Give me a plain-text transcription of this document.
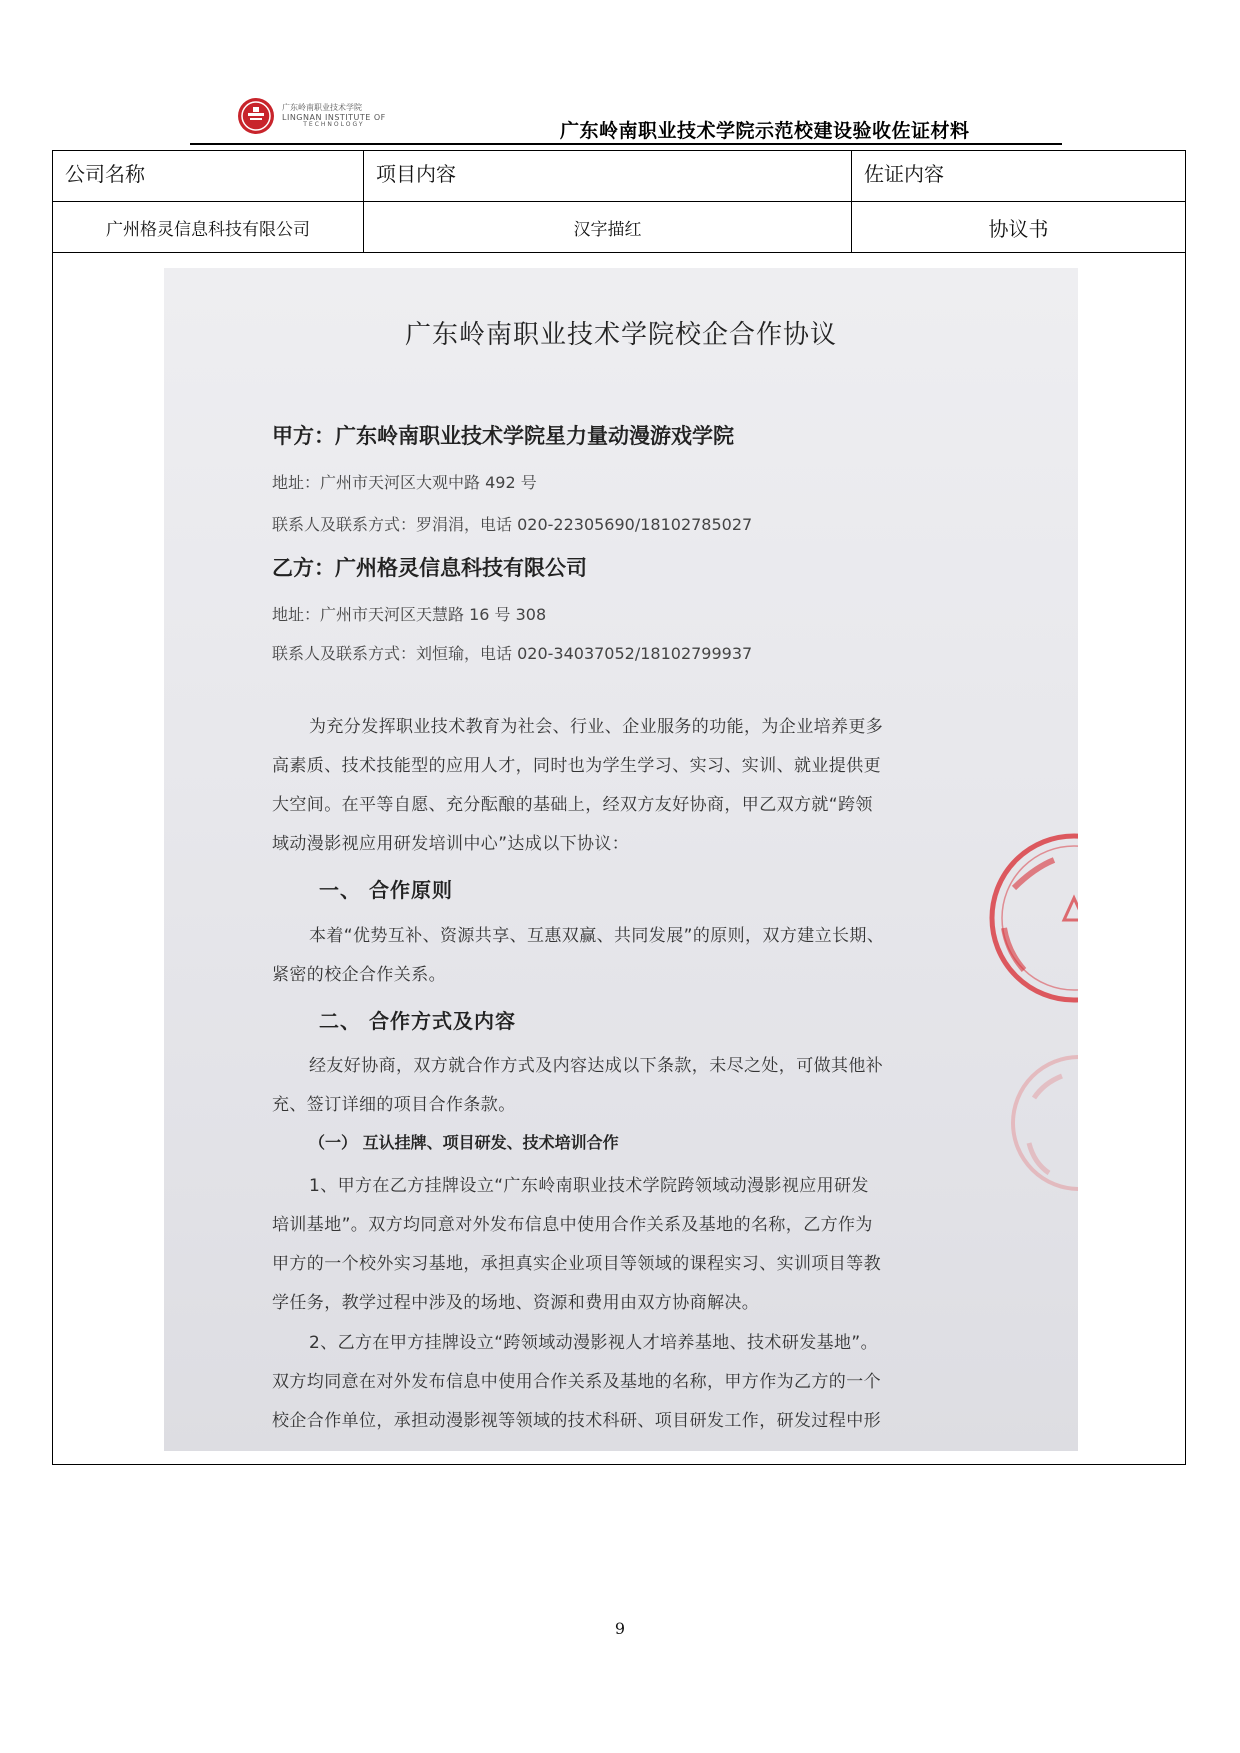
广东岭南职业技术学院
LINGNAN INSTITUTE OF
TECHNOLOGY	广东岭南职业技术学院示范校建设验收佐证材料
公司名称	项目内容	佐证内容
广州格灵信息科技有限公司	汉字描红	协议书
广东岭南职业技术学院校企合作协议
甲方：广东岭南职业技术学院星力量动漫游戏学院
地址：广州市天河区大观中路 492 号
联系人及联系方式：罗涓涓，电话 020-22305690/18102785027
乙方：广州格灵信息科技有限公司
地址：广州市天河区天慧路 16 号 308
联系人及联系方式：刘恒瑜，电话 020-34037052/18102799937
为充分发挥职业技术教育为社会、行业、企业服务的功能，为企业培养更多
高素质、技术技能型的应用人才，同时也为学生学习、实习、实训、就业提供更
大空间。在平等自愿、充分酝酿的基础上，经双方友好协商，甲乙双方就“跨领
域动漫影视应用研发培训中心”达成以下协议：
一、 合作原则
本着“优势互补、资源共享、互惠双赢、共同发展”的原则，双方建立长期、
紧密的校企合作关系。
二、 合作方式及内容
经友好协商，双方就合作方式及内容达成以下条款，未尽之处，可做其他补
充、签订详细的项目合作条款。
（一） 互认挂牌、项目研发、技术培训合作
1、甲方在乙方挂牌设立“广东岭南职业技术学院跨领域动漫影视应用研发
培训基地”。双方均同意对外发布信息中使用合作关系及基地的名称，乙方作为
甲方的一个校外实习基地，承担真实企业项目等领域的课程实习、实训项目等教
学任务，教学过程中涉及的场地、资源和费用由双方协商解决。
2、乙方在甲方挂牌设立“跨领域动漫影视人才培养基地、技术研发基地”。
双方均同意在对外发布信息中使用合作关系及基地的名称，甲方作为乙方的一个
校企合作单位，承担动漫影视等领域的技术科研、项目研发工作，研发过程中形
9
